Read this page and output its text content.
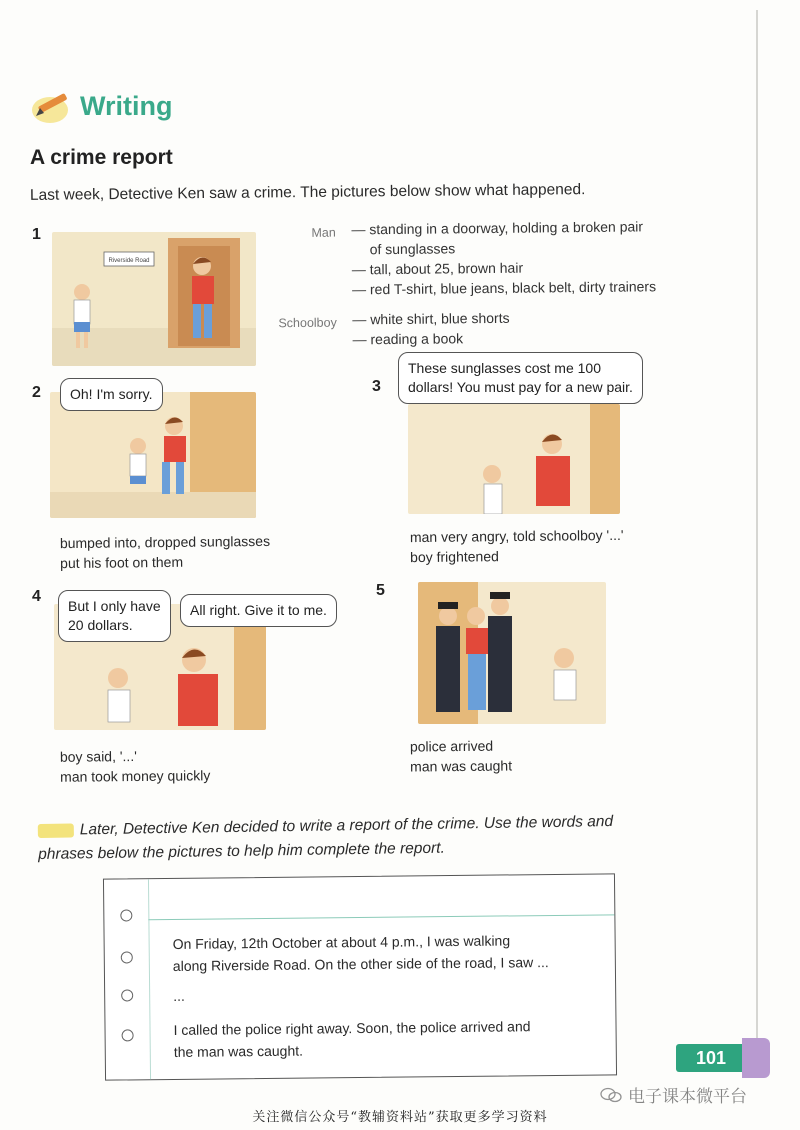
Writing
A crime report
Last week, Detective Ken saw a crime. The pictures below show what happened.
1
Riverside Road
Man — standing in a doorway, holding a broken pair
of sunglasses
— tall, about 25, brown hair
— red T-shirt, blue jeans, black belt, dirty trainers
Schoolboy — white shirt, blue shorts
— reading a book
2	Oh! I'm sorry.
bumped into, dropped sunglasses
put his foot on them
3
These sunglasses cost me 100
dollars! You must pay for a new pair.
man very angry, told schoolboy '...'
boy frightened
4
But I only have
20 dollars.
All right. Give it to me.
boy said, '...'
man took money quickly
5
police arrived
man was caught
Later, Detective Ken decided to write a report of the crime. Use the words and
phrases below the pictures to help him complete the report.
On Friday, 12th October at about 4 p.m., I was walking
along Riverside Road. On the other side of the road, I saw ...
...
I called the police right away. Soon, the police arrived and
the man was caught.	101
电子课本微平台
关注微信公众号“教辅资料站”获取更多学习资料
